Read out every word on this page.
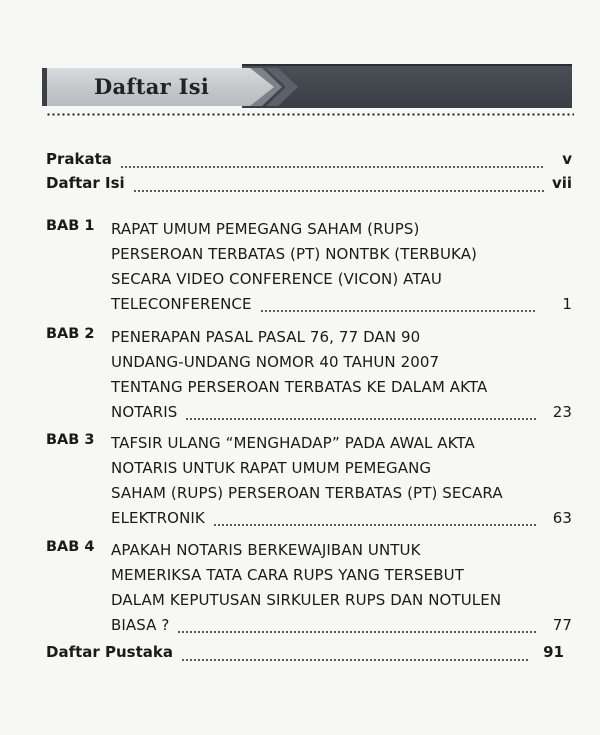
Daftar Isi
Prakata	v
Daftar Isi	vii
BAB 1 RAPAT UMUM PEMEGANG SAHAM (RUPS)
PERSEROAN TERBATAS (PT) NONTBK (TERBUKA)
SECARA VIDEO CONFERENCE (VICON) ATAU
TELECONFERENCE	1
BAB 2 PENERAPAN PASAL PASAL 76, 77 DAN 90
UNDANG-UNDANG NOMOR 40 TAHUN 2007
TENTANG PERSEROAN TERBATAS KE DALAM AKTA
NOTARIS	23
BAB 3 TAFSIR ULANG “MENGHADAP” PADA AWAL AKTA
NOTARIS UNTUK RAPAT UMUM PEMEGANG
SAHAM (RUPS) PERSEROAN TERBATAS (PT) SECARA
ELEKTRONIK	63
BAB 4 APAKAH NOTARIS BERKEWAJIBAN UNTUK
MEMERIKSA TATA CARA RUPS YANG TERSEBUT
DALAM KEPUTUSAN SIRKULER RUPS DAN NOTULEN
BIASA ?	77
Daftar Pustaka	91
